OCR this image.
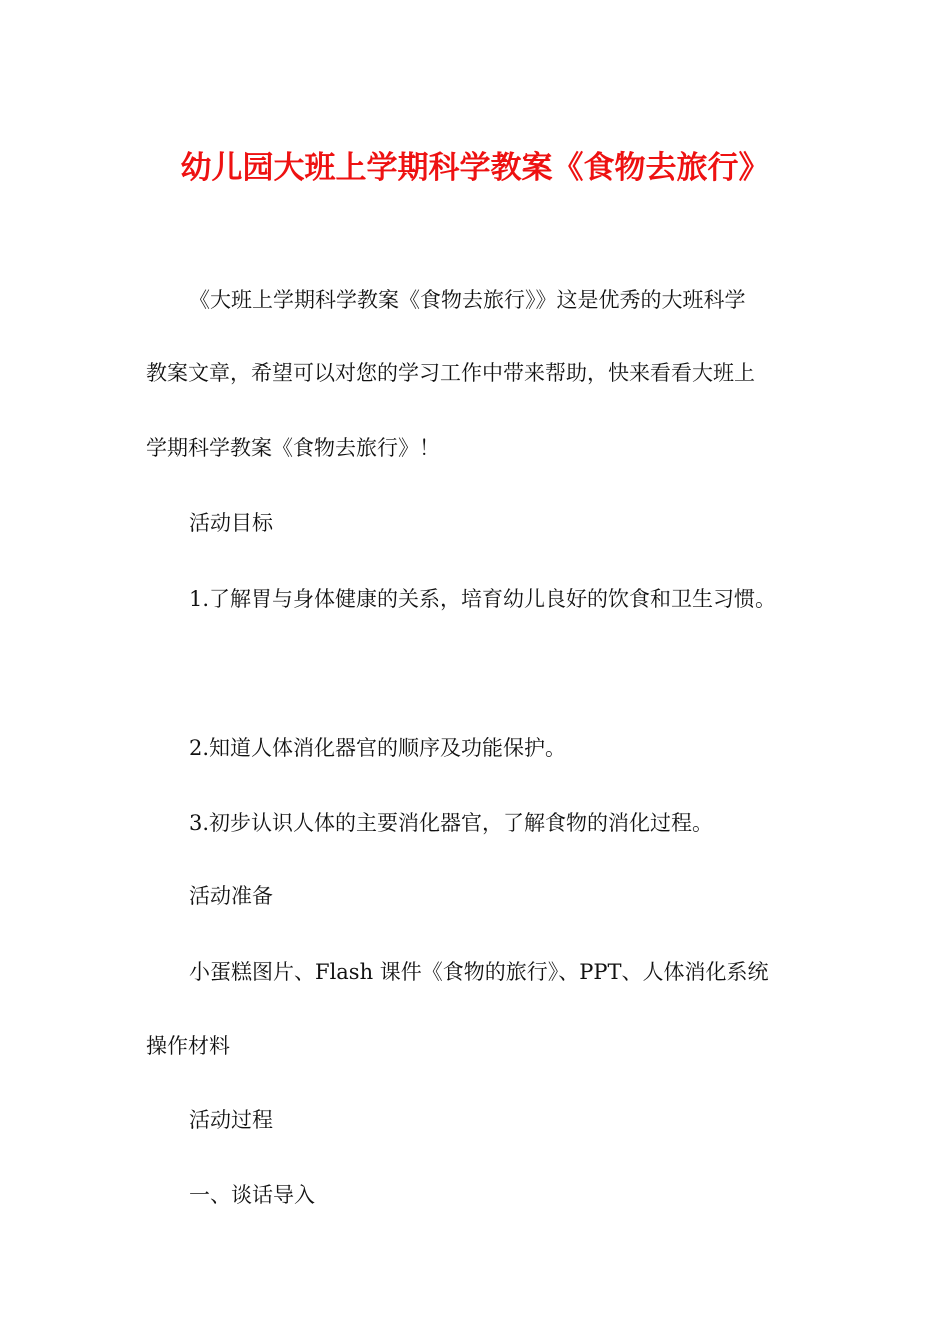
幼儿园大班上学期科学教案《食物去旅行》

《大班上学期科学教案《食物去旅行》》这是优秀的大班科学

教案文章，希望可以对您的学习工作中带来帮助，快来看看大班上

学期科学教案《食物去旅行》！

活动目标

1.了解胃与身体健康的关系，培育幼儿良好的饮食和卫生习惯。

2.知道人体消化器官的顺序及功能保护。

3.初步认识人体的主要消化器官，了解食物的消化过程。

活动准备

小蛋糕图片、Flash 课件《食物的旅行》、PPT、人体消化系统

操作材料

活动过程

一、谈话导入
